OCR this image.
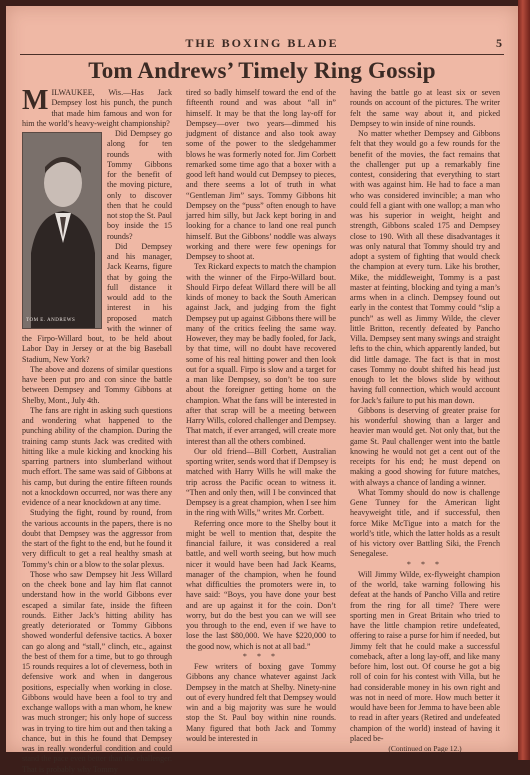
THE BOXING BLADE	5
Tom Andrews’ Timely Ring Gossip

MILWAUKEE, Wis.—Has Jack Dempsey lost his punch, the punch that made him famous and won for him the world’s heavy-weight championship?

TOM E. ANDREWS

Did Dempsey go along for ten rounds with Tommy Gibbons for the benefit of the moving picture, only to discover then that he could not stop the St. Paul boy inside the 15 rounds?

Did Dempsey and his manager, Jack Kearns, figure that by going the full distance it would add to the interest in his proposed match with the winner of the Firpo-Willard bout, to be held about Labor Day in Jersey or at the big Baseball Stadium, New York?

The above and dozens of similar questions have been put pro and con since the battle between Dempsey and Tommy Gibbons at Shelby, Mont., July 4th.

The fans are right in asking such questions and wondering what happened to the punching ability of the champion. During the training camp stunts Jack was credited with hitting like a mule kicking and knocking his sparring partners into slumberland without much effort. The same was said of Gibbons at his camp, but during the entire fifteen rounds not a knockdown occurred, nor was there any evidence of a near knockdown at any time.

Studying the fight, round by round, from the various accounts in the papers, there is no doubt that Dempsey was the aggressor from the start of the fight to the end, but he found it very difficult to get a real healthy smash at Tommy’s chin or a blow to the solar plexus.

Those who saw Dempsey hit Jess Willard on the cheek bone and lay him flat cannot understand how in the world Gibbons ever escaped a similar fate, inside the fifteen rounds. Either Jack’s hitting ability has greatly deteriorated or Tommy Gibbons showed wonderful defensive tactics. A boxer can go along and “stall,” clinch, etc., against the best of them for a time, but to go through 15 rounds requires a lot of cleverness, both in defensive work and when in dangerous positions, especially when working in close. Gibbons would have been a fool to try and exchange wallops with a man whom, he knew was much stronger; his only hope of success was in trying to tire him out and then taking a chance, but in this he found that Dempsey was in really wonderful condition and could stand the pace even better than the challenger. That is probably why Tommy

tired so badly himself toward the end of the fifteenth round and was about “all in” himself. It may be that the long lay-off for Dempsey—over two years—dimmed his judgment of distance and also took away some of the power to the sledgehammer blows he was formerly noted for. Jim Corbett remarked some time ago that a boxer with a good left hand would cut Dempsey to pieces, and there seems a lot of truth in what “Gentleman Jim” says. Tommy Gibbons hit Dempsey on the “puss” often enough to have jarred him silly, but Jack kept boring in and looking for a chance to land one real punch himself. But the Gibbons’ noddle was always working and there were few openings for Dempsey to shoot at.

Tex Rickard expects to match the champion with the winner of the Firpo-Willard bout. Should Firpo defeat Willard there will be all kinds of money to back the South American against Jack, and judging from the fight Dempsey put up against Gibbons there will be many of the critics feeling the same way. However, they may be badly fooled, for Jack, by that time, will no doubt have recovered some of his real hitting power and then look out for a squall. Firpo is slow and a target for a man like Dempsey, so don’t be too sure about the foreigner getting home on the champion. What the fans will be interested in after that scrap will be a meeting between Harry Wills, colored challenger and Dempsey. That match, if ever arranged, will create more interest than all the others combined.

Our old friend—Bill Corbett, Australian sporting writer, sends word that if Dempsey is matched with Harry Wills he will make the trip across the Pacific ocean to witness it. “Then and only then, will I be convinced that Dempsey is a great champion, when I see him in the ring with Wills,” writes Mr. Corbett.

Referring once more to the Shelby bout it might be well to mention that, despite the financial failure, it was considered a real battle, and well worth seeing, but how much nicer it would have been had Jack Kearns, manager of the champion, when he found what difficulties the promoters were in, to have said: “Boys, you have done your best and are up against it for the coin. Don’t worry, but do the best you can we will see you through to the end, even if we have to lose the last $80,000. We have $220,000 to the good now, which is not at all bad.”

* * *

Few writers of boxing gave Tommy Gibbons any chance whatever against Jack Dempsey in the match at Shelby. Ninety-nine out of every hundred felt that Dempsey would win and a big majority was sure he would stop the St. Paul boy within nine rounds. Many figured that both Jack and Tommy would be interested in

having the battle go at least six or seven rounds on account of the pictures. The writer felt the same way about it, and picked Dempsey to win inside of nine rounds.

No matter whether Dempsey and Gibbons felt that they would go a few rounds for the benefit of the movies, the fact remains that the challenger put up a remarkably fine contest, considering that everything to start with was against him. He had to face a man who was considered invincible; a man who could fell a giant with one wallop; a man who was his superior in weight, height and strength, Gibbons scaled 175 and Dempsey close to 190. With all these disadvantages it was only natural that Tommy should try and adopt a system of fighting that would check the champion at every turn. Like his brother, Mike, the middleweight, Tommy is a past master at feinting, blocking and tying a man’s arms when in a clinch. Dempsey found out early in the contest that Tommy could “slip a punch” as well as Jimmy Wilde, the clever little Britton, recently defeated by Pancho Villa. Dempsey sent many swings and straight lefts to the chin, which apparently landed, but did little damage. The fact is that in most cases Tommy no doubt shifted his head just enough to let the blows slide by without having full connection, which would account for Jack’s failure to put his man down.

Gibbons is deserving of greater praise for his wonderful showing than a larger and heavier man would get. Not only that, but the game St. Paul challenger went into the battle knowing he would not get a cent out of the receipts for his end; he must depend on making a good showing for future matches, with always a chance of landing a winner.

What Tommy should do now is challenge Gene Tunney for the American light heavyweight title, and if successful, then force Mike McTigue into a match for the world’s title, which the latter holds as a result of his victory over Battling Siki, the French Senegalese.

* * *

Will Jimmy Wilde, ex-flyweight champion of the world, take warning following his defeat at the hands of Pancho Villa and retire from the ring for all time? There were sporting men in Great Britain who tried to have the little champion retire undefeated, offering to raise a purse for him if needed, but Jimmy felt that he could make a successful comeback, after a long lay-off, and like many before him, lost out. Of course he got a big roll of coin for his contest with Villa, but he had considerable money in his own right and was not in need of more. How much better it would have been for Jemma to have been able to read in after years (Retired and undefeated champion of the world) instead of having it placed be-

(Continued on Page 12.)
